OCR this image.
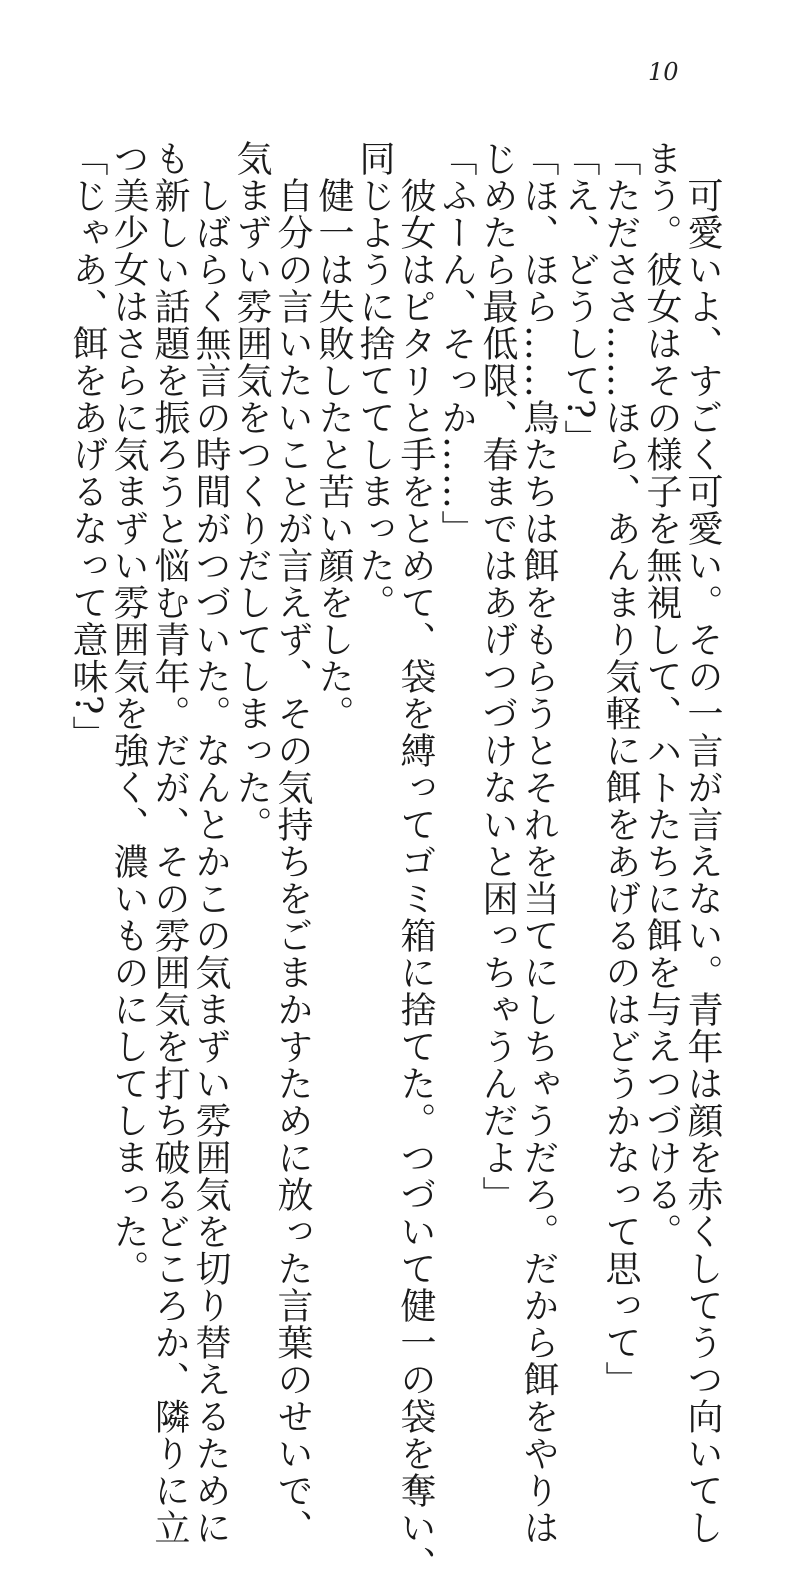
10

　可愛いよ、すごく可愛い。その一言が言えない。青年は顔を赤くしてうつ向いてし

まう。彼女はその様子を無視して、ハトたちに餌を与えつづける。

「ただささ……ほら、あんまり気軽に餌をあげるのはどうかなって思って」

「え、どうして?」

「ほ、ほら……鳥たちは餌をもらうとそれを当てにしちゃうだろ。だから餌をやりは

じめたら最低限、春まではあげつづけないと困っちゃうんだよ」

「ふーん、そっか……」

　彼女はピタリと手をとめて、袋を縛ってゴミ箱に捨てた。つづいて健一の袋を奪い、

同じように捨ててしまった。

　健一は失敗したと苦い顔をした。

　自分の言いたいことが言えず、その気持ちをごまかすために放った言葉のせいで、

気まずい雰囲気をつくりだしてしまった。

　しばらく無言の時間がつづいた。なんとかこの気まずい雰囲気を切り替えるために

も新しい話題を振ろうと悩む青年。だが、その雰囲気を打ち破るどころか、隣りに立

つ美少女はさらに気まずい雰囲気を強く、濃いものにしてしまった。

「じゃあ、餌をあげるなって意味?」
